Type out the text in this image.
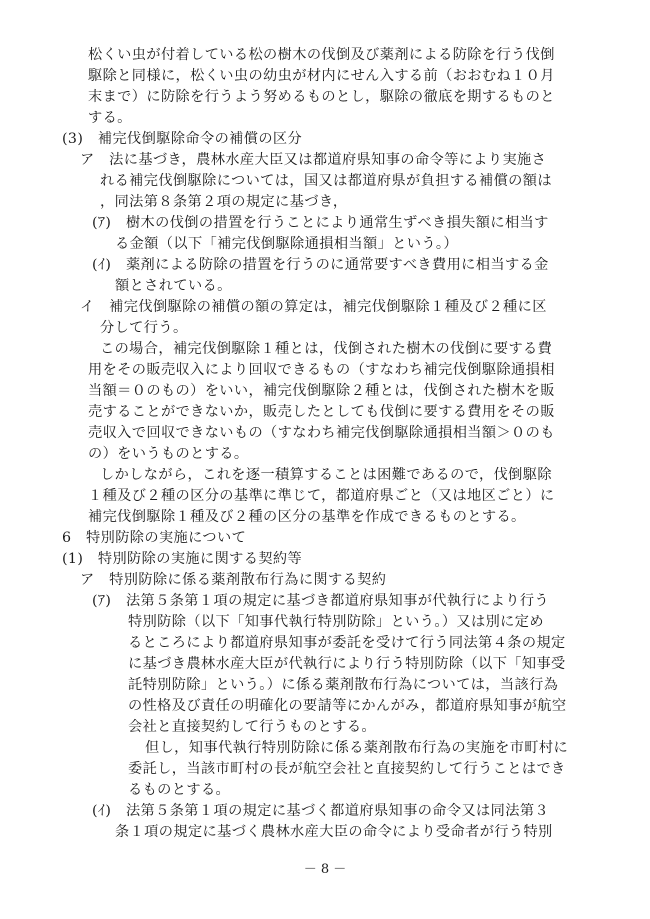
松くい虫が付着している松の樹木の伐倒及び薬剤による防除を行う伐倒
駆除と同様に，松くい虫の幼虫が材内にせん入する前（おおむね１０月
末まで）に防除を行うよう努めるものとし，駆除の徹底を期するものと
する。
(3)　補完伐倒駆除命令の補償の区分
ア　法に基づき，農林水産大臣又は都道府県知事の命令等により実施さ
れる補完伐倒駆除については，国又は都道府県が負担する補償の額は
，同法第８条第２項の規定に基づき，
(ｱ)　樹木の伐倒の措置を行うことにより通常生ずべき損失額に相当す
る金額（以下「補完伐倒駆除通損相当額」という。）
(ｲ)　薬剤による防除の措置を行うのに通常要すべき費用に相当する金
額とされている。
イ　補完伐倒駆除の補償の額の算定は，補完伐倒駆除１種及び２種に区
分して行う。
この場合，補完伐倒駆除１種とは，伐倒された樹木の伐倒に要する費
用をその販売収入により回収できるもの（すなわち補完伐倒駆除通損相
当額＝０のもの）をいい，補完伐倒駆除２種とは，伐倒された樹木を販
売することができないか，販売したとしても伐倒に要する費用をその販
売収入で回収できないもの（すなわち補完伐倒駆除通損相当額＞０のも
の）をいうものとする。
しかしながら，これを逐一積算することは困難であるので，伐倒駆除
１種及び２種の区分の基準に準じて，都道府県ごと（又は地区ごと）に
補完伐倒駆除１種及び２種の区分の基準を作成できるものとする。
6　特別防除の実施について
(1)　特別防除の実施に関する契約等
ア　特別防除に係る薬剤散布行為に関する契約
(ｱ)　法第５条第１項の規定に基づき都道府県知事が代執行により行う
特別防除（以下「知事代執行特別防除」という。）又は別に定め
るところにより都道府県知事が委託を受けて行う同法第４条の規定
に基づき農林水産大臣が代執行により行う特別防除（以下「知事受
託特別防除」という。）に係る薬剤散布行為については，当該行為
の性格及び責任の明確化の要請等にかんがみ，都道府県知事が航空
会社と直接契約して行うものとする。
但し，知事代執行特別防除に係る薬剤散布行為の実施を市町村に
委託し，当該市町村の長が航空会社と直接契約して行うことはでき
るものとする。
(ｲ)　法第５条第１項の規定に基づく都道府県知事の命令又は同法第３
条１項の規定に基づく農林水産大臣の命令により受命者が行う特別
－ 8 －
